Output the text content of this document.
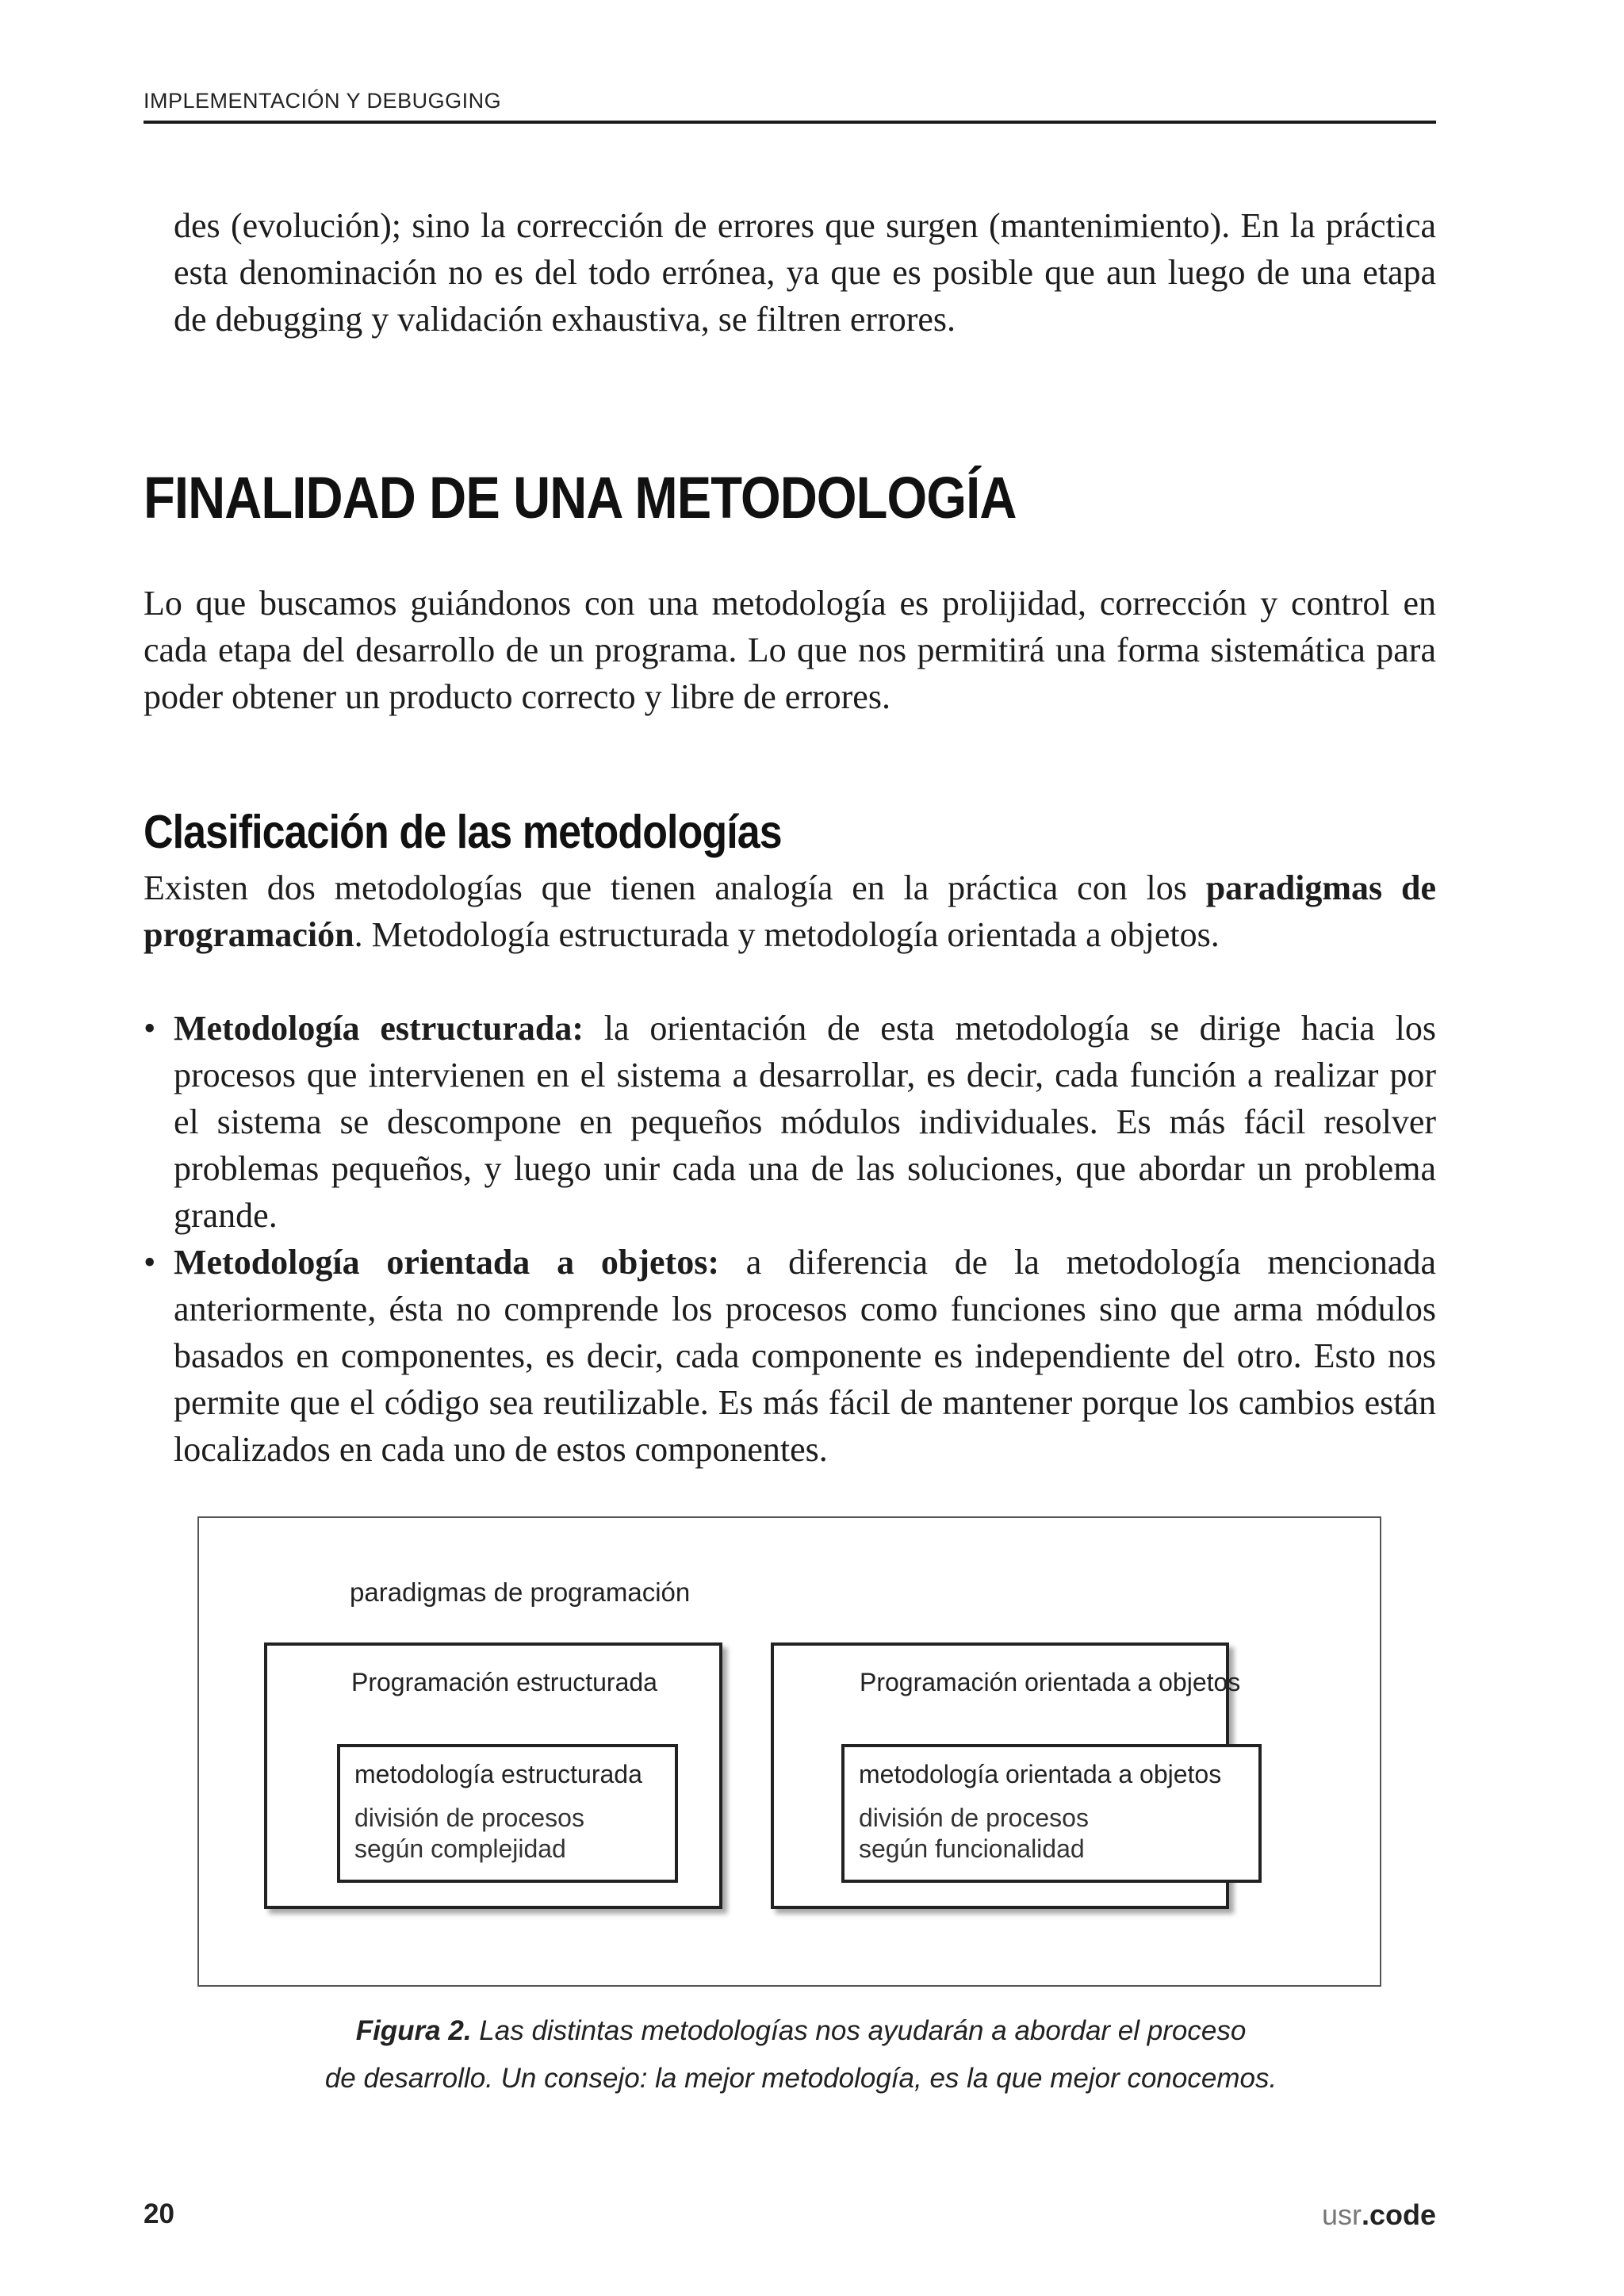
IMPLEMENTACIÓN Y DEBUGGING

des (evolución); sino la corrección de errores que surgen (mantenimiento). En la práctica esta denominación no es del todo errónea, ya que es posible que aun luego de una etapa de debugging y validación exhaustiva, se filtren errores.

FINALIDAD DE UNA METODOLOGÍA

Lo que buscamos guiándonos con una metodología es prolijidad, corrección y control en cada etapa del desarrollo de un programa. Lo que nos permitirá una forma sistemática para poder obtener un producto correcto y libre de errores.

Clasificación de las metodologías

Existen dos metodologías que tienen analogía en la práctica con los paradigmas de programación. Metodología estructurada y metodología orientada a objetos.

• Metodología estructurada: la orientación de esta metodología se dirige hacia los procesos que intervienen en el sistema a desarrollar, es decir, cada función a realizar por el sistema se descompone en pequeños módulos individuales. Es más fácil resolver problemas pequeños, y luego unir cada una de las soluciones, que abordar un problema grande.
• Metodología orientada a objetos: a diferencia de la metodología mencionada anteriormente, ésta no comprende los procesos como funciones sino que arma módulos basados en componentes, es decir, cada componente es independiente del otro. Esto nos permite que el código sea reutilizable. Es más fácil de mantener porque los cambios están localizados en cada uno de estos componentes.
paradigmas de programación
Programación estructurada
metodología estructurada
división de procesos
según complejidad
Programación orientada a objetos
metodología orientada a objetos
división de procesos
según funcionalidad
Figura 2. Las distintas metodologías nos ayudarán a abordar el proceso
de desarrollo. Un consejo: la mejor metodología, es la que mejor conocemos.
20	usr.code
